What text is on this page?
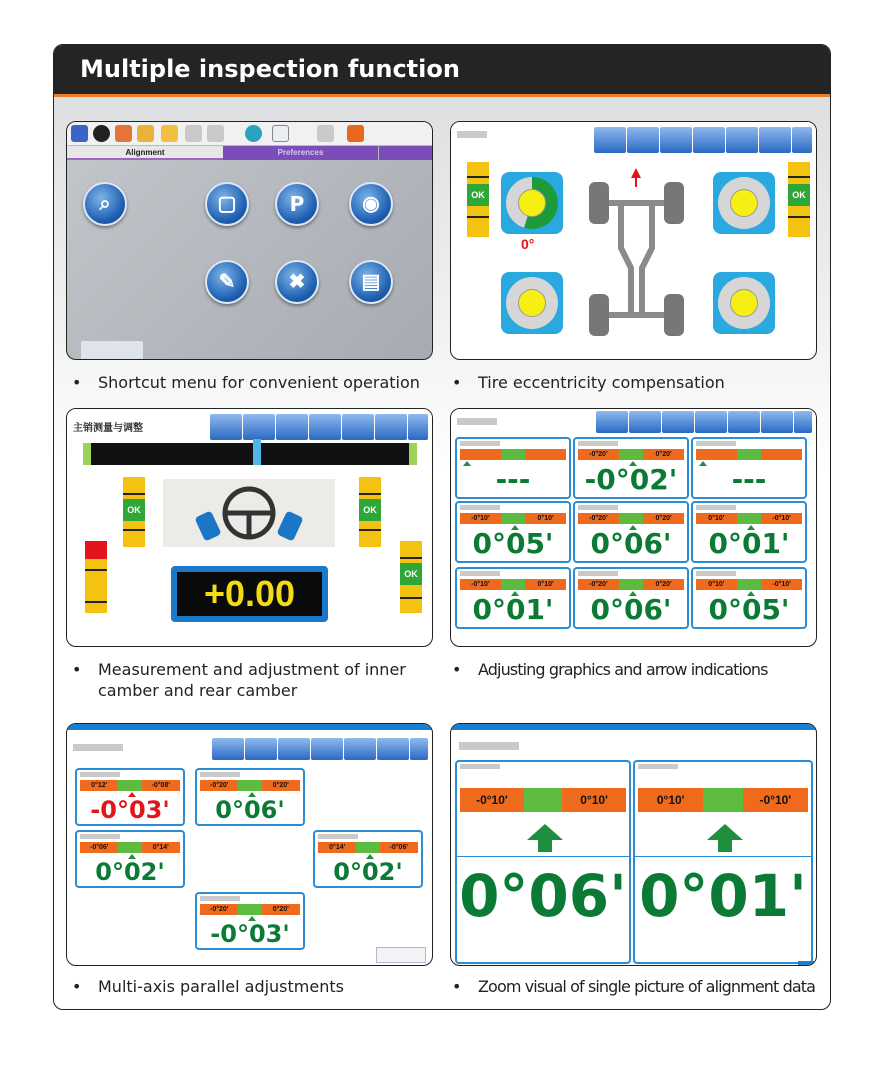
Multiple inspection function
Alignment	Preferences
⌕	▢	P	◉
✎	✖	▤
•	Shortcut menu for convenient operation
OK	OK
0°
•	Tire eccentricity compensation
主销测量与调整
OK	OK
OK
+0.00
•	Measurement and adjustment of inner camber and rear camber
---
-0°20'	0°20'
-0°02'	---
-0°10'	0°10'
0°05'
-0°20'	0°20'
0°06'
0°10'	-0°10'
0°01'
-0°10'	0°10'
0°01'
-0°20'	0°20'
0°06'
0°10'	-0°10'
0°05'
•	Adjusting graphics and arrow indications
0°12'	-0°08'
-0°03'
-0°20'	0°20'
0°06'
-0°06'	0°14'
0°02'
0°14'	-0°06'
0°02'
-0°20'	0°20'
-0°03'
•	Multi-axis parallel adjustments
-0°10'	0°10'
0°06'
0°10'	-0°10'
0°01'
•	Zoom visual of single picture of alignment data
